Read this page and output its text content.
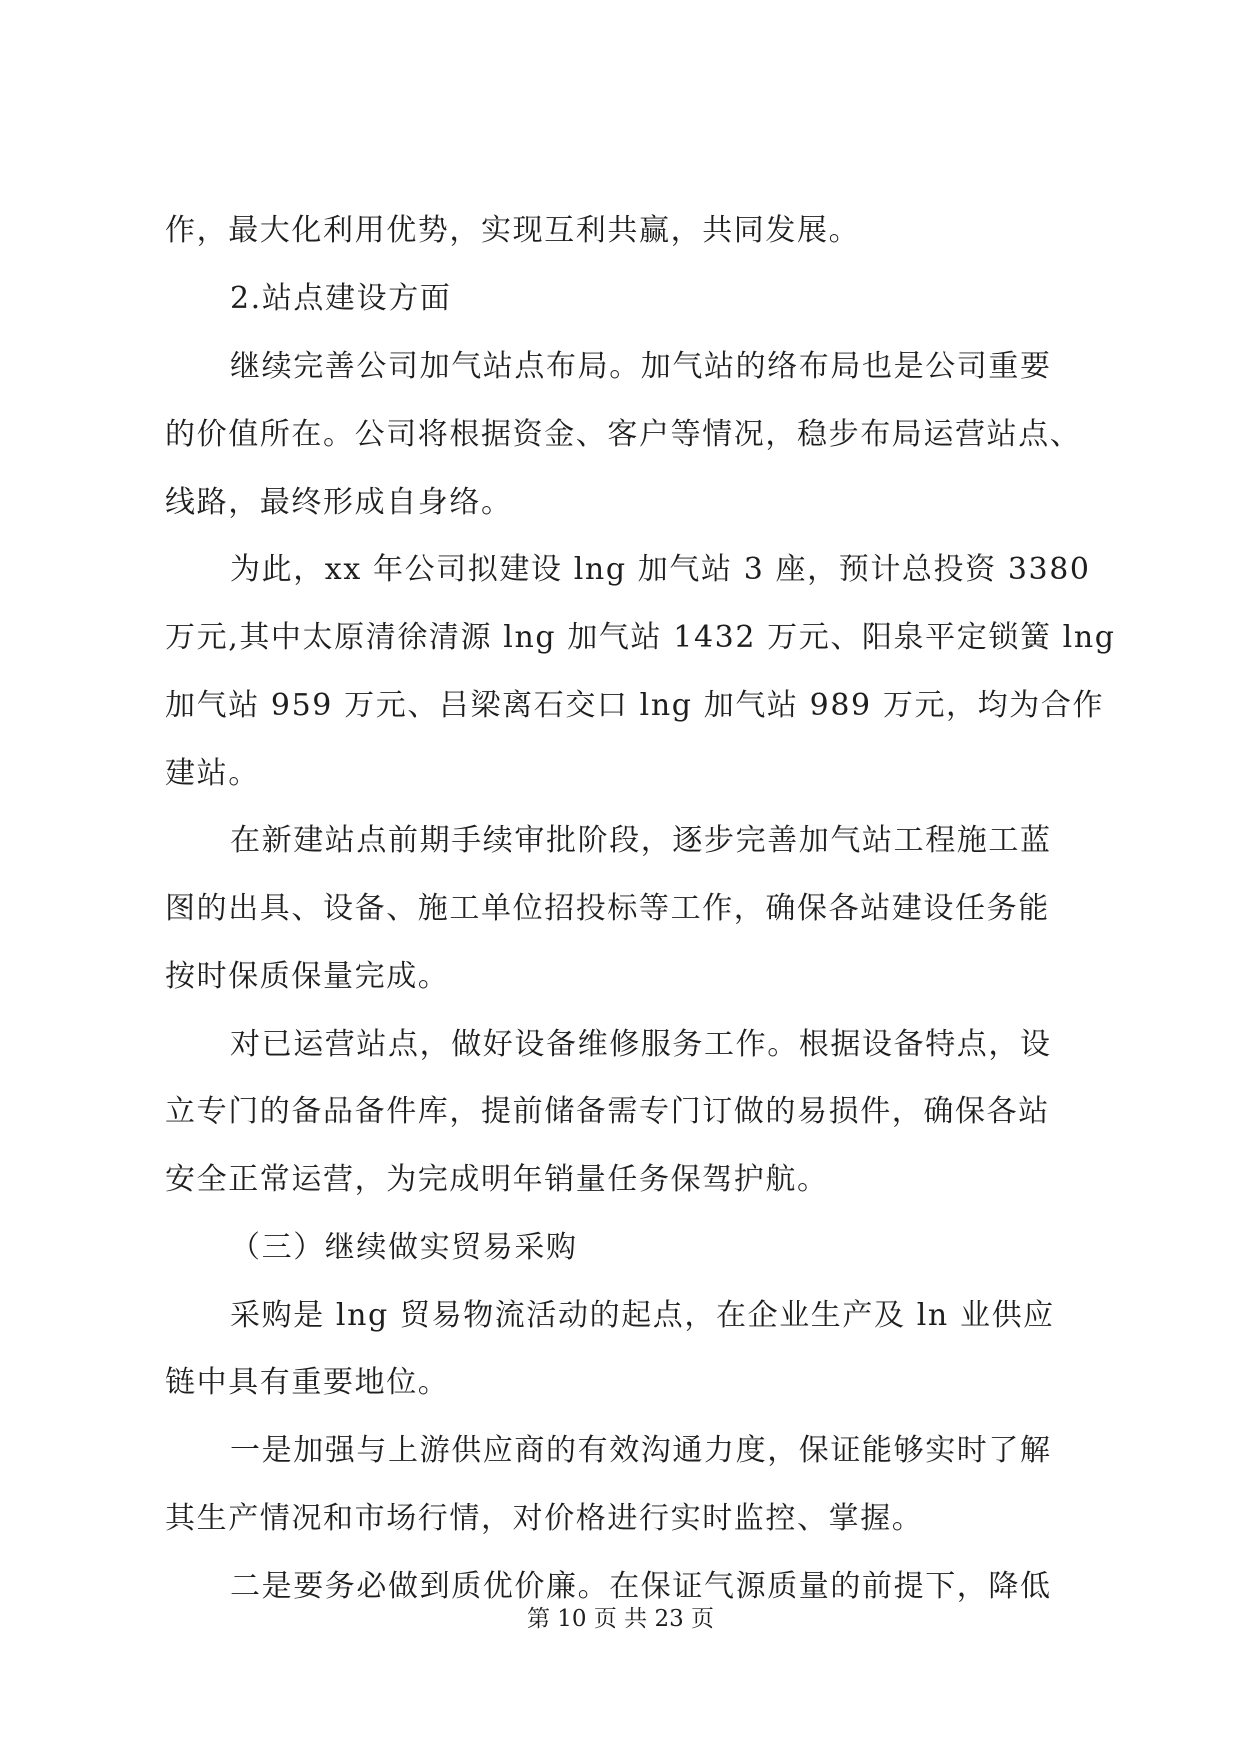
作，最大化利用优势，实现互利共赢，共同发展。
2.站点建设方面
继续完善公司加气站点布局。加气站的络布局也是公司重要
的价值所在。公司将根据资金、客户等情况，稳步布局运营站点、
线路，最终形成自身络。
为此，xx 年公司拟建设 lng 加气站 3 座，预计总投资 3380
万元,其中太原清徐清源 lng 加气站 1432 万元、阳泉平定锁簧 lng
加气站 959 万元、吕梁离石交口 lng 加气站 989 万元，均为合作
建站。
在新建站点前期手续审批阶段，逐步完善加气站工程施工蓝
图的出具、设备、施工单位招投标等工作，确保各站建设任务能
按时保质保量完成。
对已运营站点，做好设备维修服务工作。根据设备特点，设
立专门的备品备件库，提前储备需专门订做的易损件，确保各站
安全正常运营，为完成明年销量任务保驾护航。
（三）继续做实贸易采购
采购是 lng 贸易物流活动的起点，在企业生产及 ln 业供应
链中具有重要地位。
一是加强与上游供应商的有效沟通力度，保证能够实时了解
其生产情况和市场行情，对价格进行实时监控、掌握。
二是要务必做到质优价廉。在保证气源质量的前提下，降低
第 10 页 共 23 页
